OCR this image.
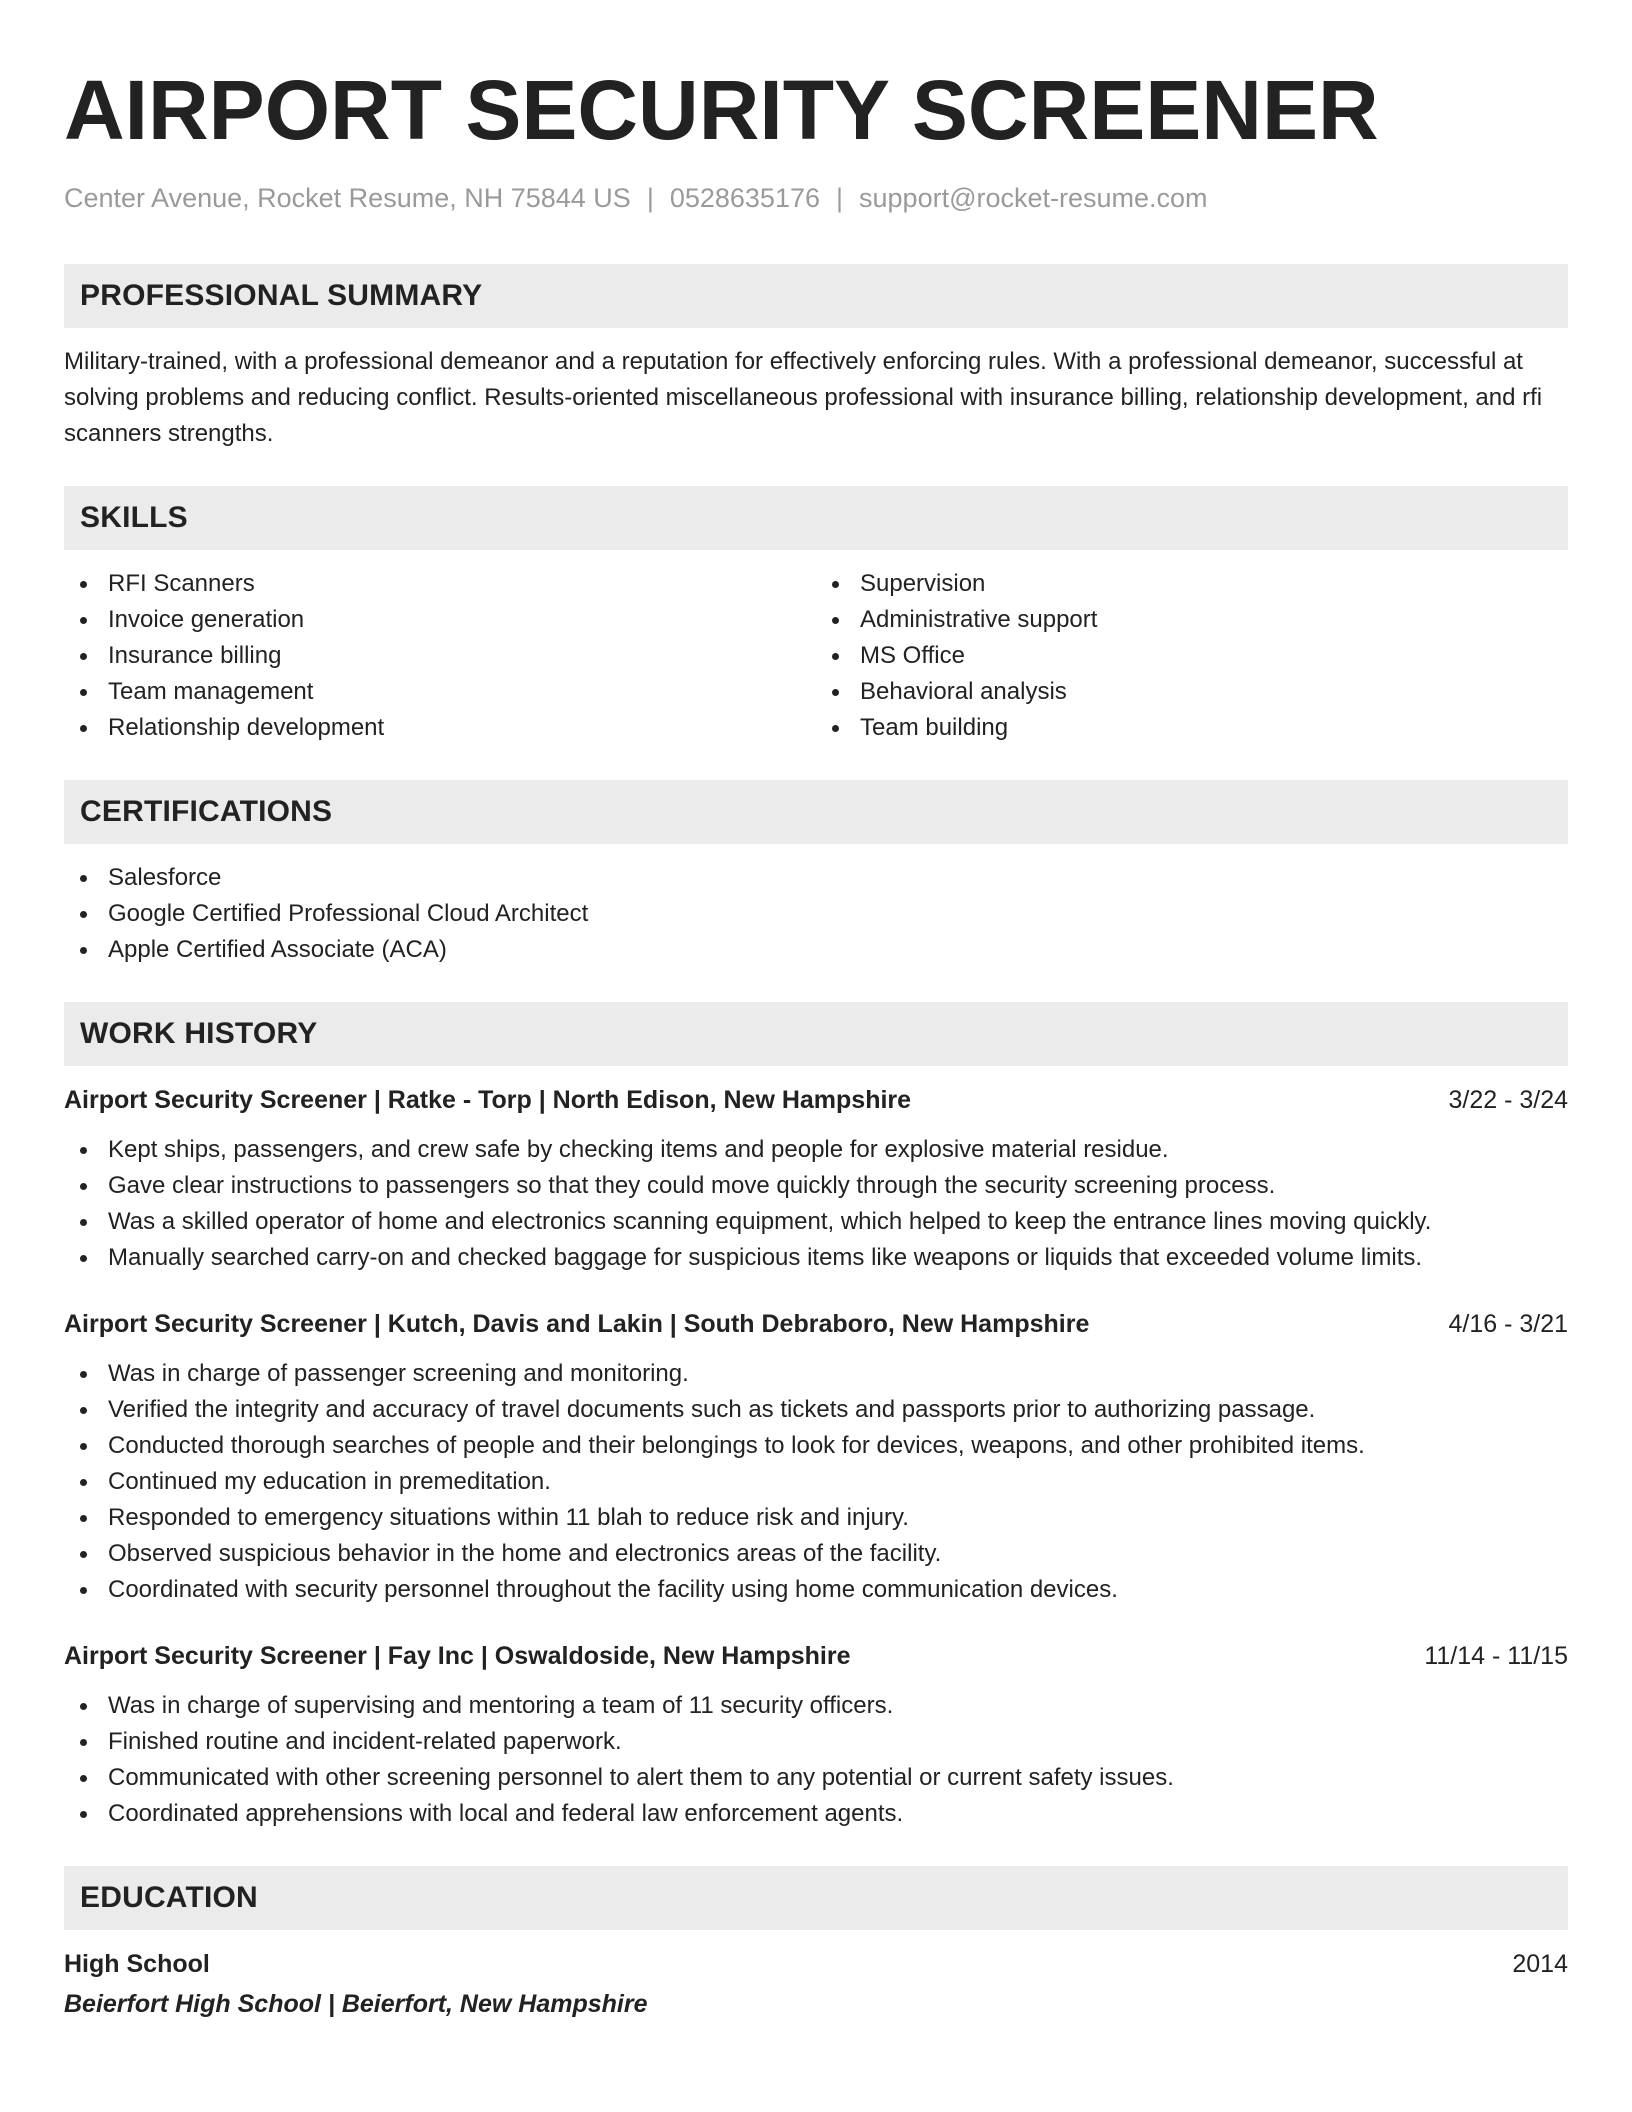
AIRPORT SECURITY SCREENER
Center Avenue, Rocket Resume, NH 75844 US | 0528635176 | support@rocket-resume.com
PROFESSIONAL SUMMARY
Military-trained, with a professional demeanor and a reputation for effectively enforcing rules. With a professional demeanor, successful at solving problems and reducing conflict. Results-oriented miscellaneous professional with insurance billing, relationship development, and rfi scanners strengths.
SKILLS
RFI Scanners
Invoice generation
Insurance billing
Team management
Relationship development
Supervision
Administrative support
MS Office
Behavioral analysis
Team building
CERTIFICATIONS
Salesforce
Google Certified Professional Cloud Architect
Apple Certified Associate (ACA)
WORK HISTORY
Airport Security Screener | Ratke - Torp | North Edison, New Hampshire	3/22 - 3/24
Kept ships, passengers, and crew safe by checking items and people for explosive material residue.
Gave clear instructions to passengers so that they could move quickly through the security screening process.
Was a skilled operator of home and electronics scanning equipment, which helped to keep the entrance lines moving quickly.
Manually searched carry-on and checked baggage for suspicious items like weapons or liquids that exceeded volume limits.
Airport Security Screener | Kutch, Davis and Lakin | South Debraboro, New Hampshire	4/16 - 3/21
Was in charge of passenger screening and monitoring.
Verified the integrity and accuracy of travel documents such as tickets and passports prior to authorizing passage.
Conducted thorough searches of people and their belongings to look for devices, weapons, and other prohibited items.
Continued my education in premeditation.
Responded to emergency situations within 11 blah to reduce risk and injury.
Observed suspicious behavior in the home and electronics areas of the facility.
Coordinated with security personnel throughout the facility using home communication devices.
Airport Security Screener | Fay Inc | Oswaldoside, New Hampshire	11/14 - 11/15
Was in charge of supervising and mentoring a team of 11 security officers.
Finished routine and incident-related paperwork.
Communicated with other screening personnel to alert them to any potential or current safety issues.
Coordinated apprehensions with local and federal law enforcement agents.
EDUCATION
High School	2014
Beierfort High School | Beierfort, New Hampshire
